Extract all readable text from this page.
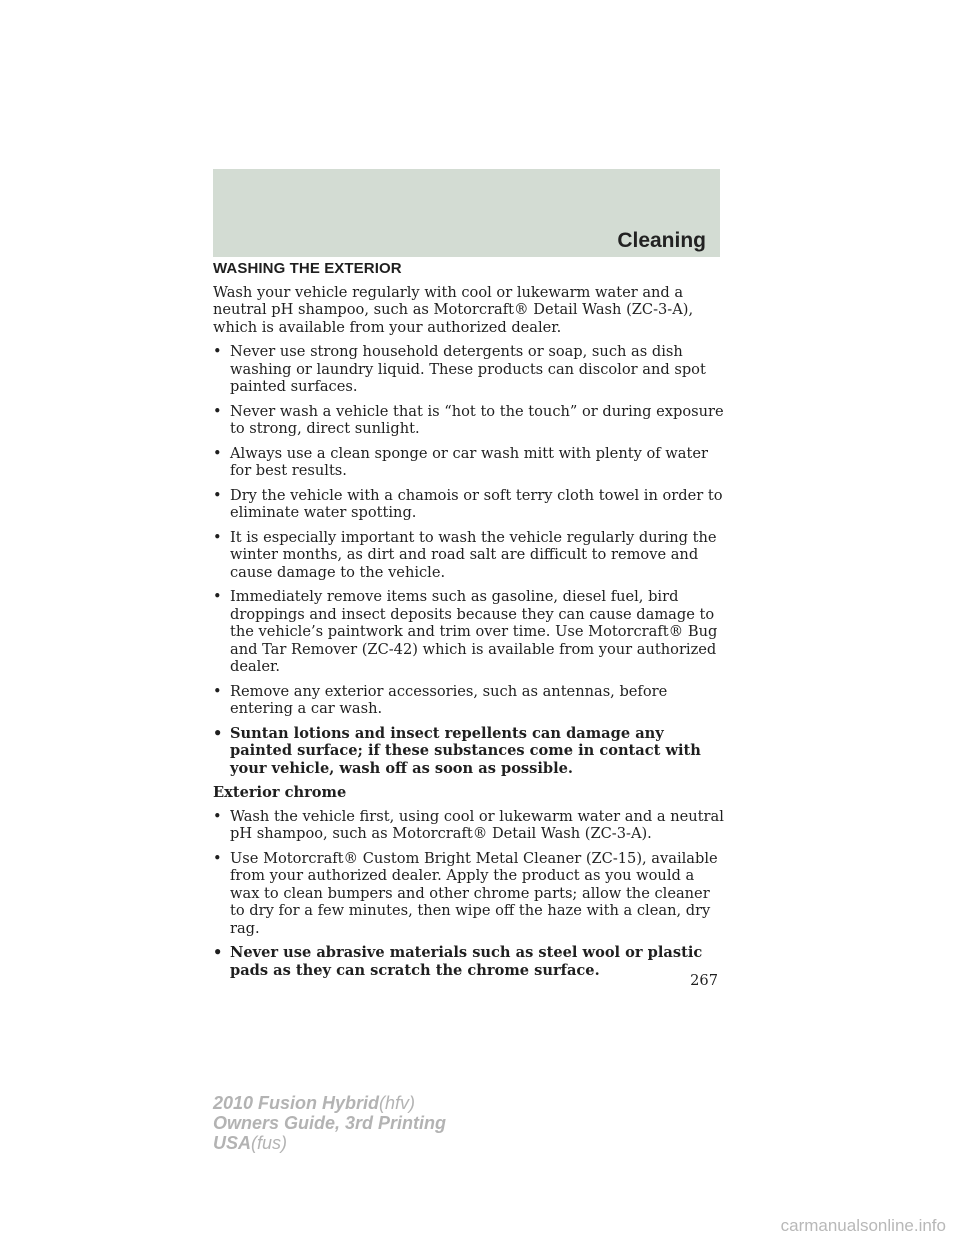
Cleaning
WASHING THE EXTERIOR

Wash your vehicle regularly with cool or lukewarm water and a neutral pH shampoo, such as Motorcraft® Detail Wash (ZC-3-A), which is available from your authorized dealer.

• Never use strong household detergents or soap, such as dish washing or laundry liquid. These products can discolor and spot painted surfaces.
• Never wash a vehicle that is “hot to the touch” or during exposure to strong, direct sunlight.
• Always use a clean sponge or car wash mitt with plenty of water for best results.
• Dry the vehicle with a chamois or soft terry cloth towel in order to eliminate water spotting.
• It is especially important to wash the vehicle regularly during the winter months, as dirt and road salt are difficult to remove and cause damage to the vehicle.
• Immediately remove items such as gasoline, diesel fuel, bird droppings and insect deposits because they can cause damage to the vehicle’s paintwork and trim over time. Use Motorcraft® Bug and Tar Remover (ZC-42) which is available from your authorized dealer.
• Remove any exterior accessories, such as antennas, before entering a car wash.
• Suntan lotions and insect repellents can damage any painted surface; if these substances come in contact with your vehicle, wash off as soon as possible.
Exterior chrome
• Wash the vehicle first, using cool or lukewarm water and a neutral pH shampoo, such as Motorcraft® Detail Wash (ZC-3-A).
• Use Motorcraft® Custom Bright Metal Cleaner (ZC-15), available from your authorized dealer. Apply the product as you would a wax to clean bumpers and other chrome parts; allow the cleaner to dry for a few minutes, then wipe off the haze with a clean, dry rag.
• Never use abrasive materials such as steel wool or plastic pads as they can scratch the chrome surface.
267
2010 Fusion Hybrid(hfv)
Owners Guide, 3rd Printing
USA(fus)
carmanualsonline.info
